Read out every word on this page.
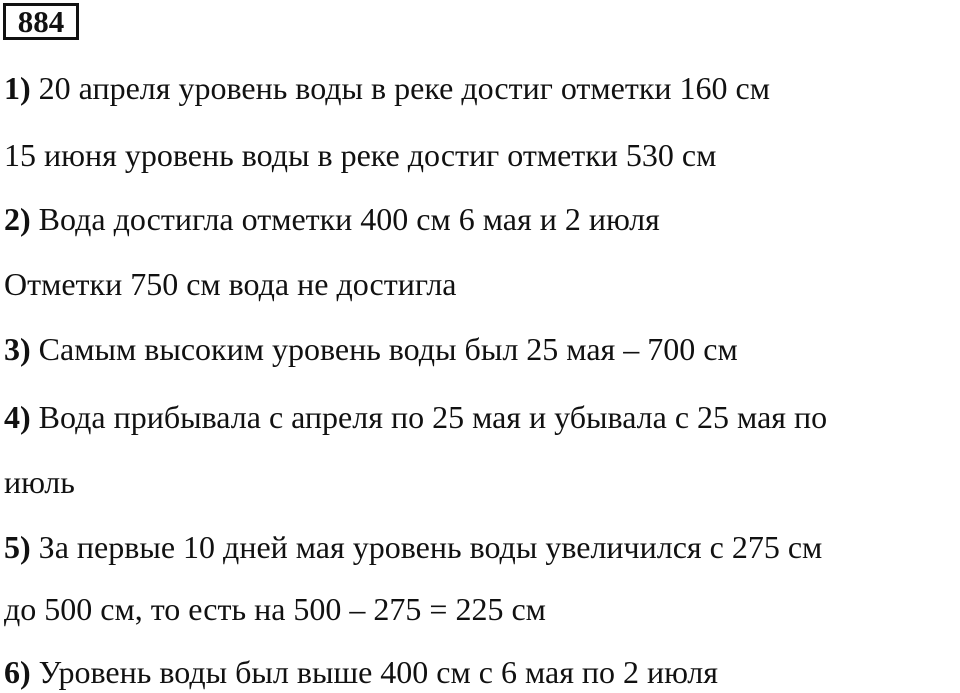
884
1) 20 апреля уровень воды в реке достиг отметки 160 см
15 июня уровень воды в реке достиг отметки 530 см
2) Вода достигла отметки 400 см 6 мая и 2 июля
Отметки 750 см вода не достигла
3) Самым высоким уровень воды был 25 мая – 700 см
4) Вода прибывала с апреля по 25 мая и убывала с 25 мая по
июль
5) За первые 10 дней мая уровень воды увеличился с 275 см
до 500 см, то есть на 500 – 275 = 225 см
6) Уровень воды был выше 400 см с 6 мая по 2 июля
